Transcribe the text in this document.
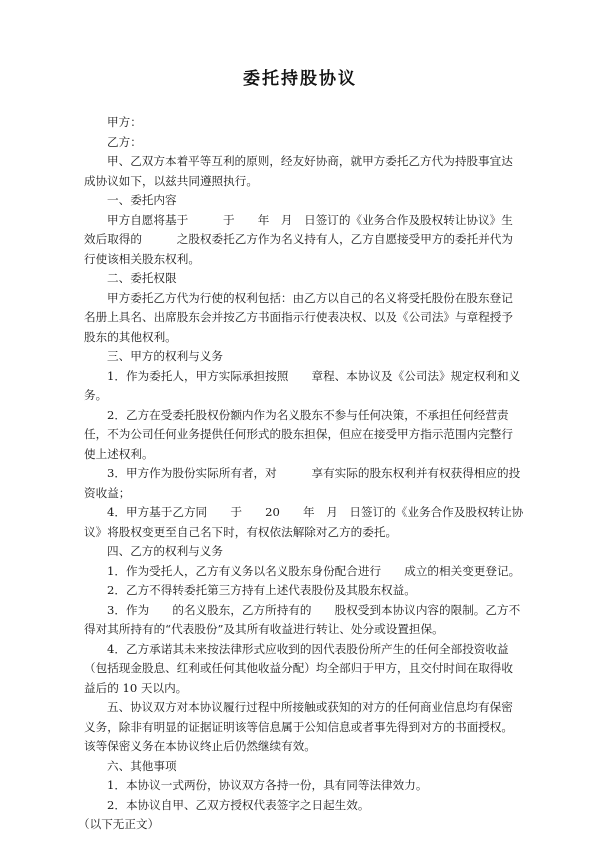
委托持股协议

甲方：

乙方：

甲、乙双方本着平等互利的原则，经友好协商，就甲方委托乙方代为持股事宜达成协议如下，以兹共同遵照执行。

一、委托内容

甲方自愿将基于　　　于　　年　月　日签订的《业务合作及股权转让协议》生效后取得的　　　之股权委托乙方作为名义持有人，乙方自愿接受甲方的委托并代为行使该相关股东权利。

二、委托权限

甲方委托乙方代为行使的权利包括：由乙方以自己的名义将受托股份在股东登记名册上具名、出席股东会并按乙方书面指示行使表决权、以及《公司法》与章程授予股东的其他权利。

三、甲方的权利与义务

1．作为委托人，甲方实际承担按照　　章程、本协议及《公司法》规定权利和义务。

2．乙方在受委托股权份额内作为名义股东不参与任何决策，不承担任何经营责任，不为公司任何业务提供任何形式的股东担保，但应在接受甲方指示范围内完整行使上述权利。

3．甲方作为股份实际所有者，对　　　享有实际的股东权利并有权获得相应的投资收益；

4．甲方基于乙方同　　于　　20　　年　月　日签订的《业务合作及股权转让协议》将股权变更至自己名下时，有权依法解除对乙方的委托。

四、乙方的权利与义务

1．作为受托人，乙方有义务以名义股东身份配合进行　　成立的相关变更登记。

2．乙方不得转委托第三方持有上述代表股份及其股东权益。

3．作为　　的名义股东，乙方所持有的　　股权受到本协议内容的限制。乙方不得对其所持有的“代表股份”及其所有收益进行转让、处分或设置担保。

4．乙方承诺其未来按法律形式应收到的因代表股份所产生的任何全部投资收益（包括现金股息、红利或任何其他收益分配）均全部归于甲方，且交付时间在取得收益后的 10 天以内。

五、协议双方对本协议履行过程中所接触或获知的对方的任何商业信息均有保密义务，除非有明显的证据证明该等信息属于公知信息或者事先得到对方的书面授权。该等保密义务在本协议终止后仍然继续有效。

六、其他事项

1．本协议一式两份，协议双方各持一份，具有同等法律效力。

2．本协议自甲、乙双方授权代表签字之日起生效。

（以下无正文）
